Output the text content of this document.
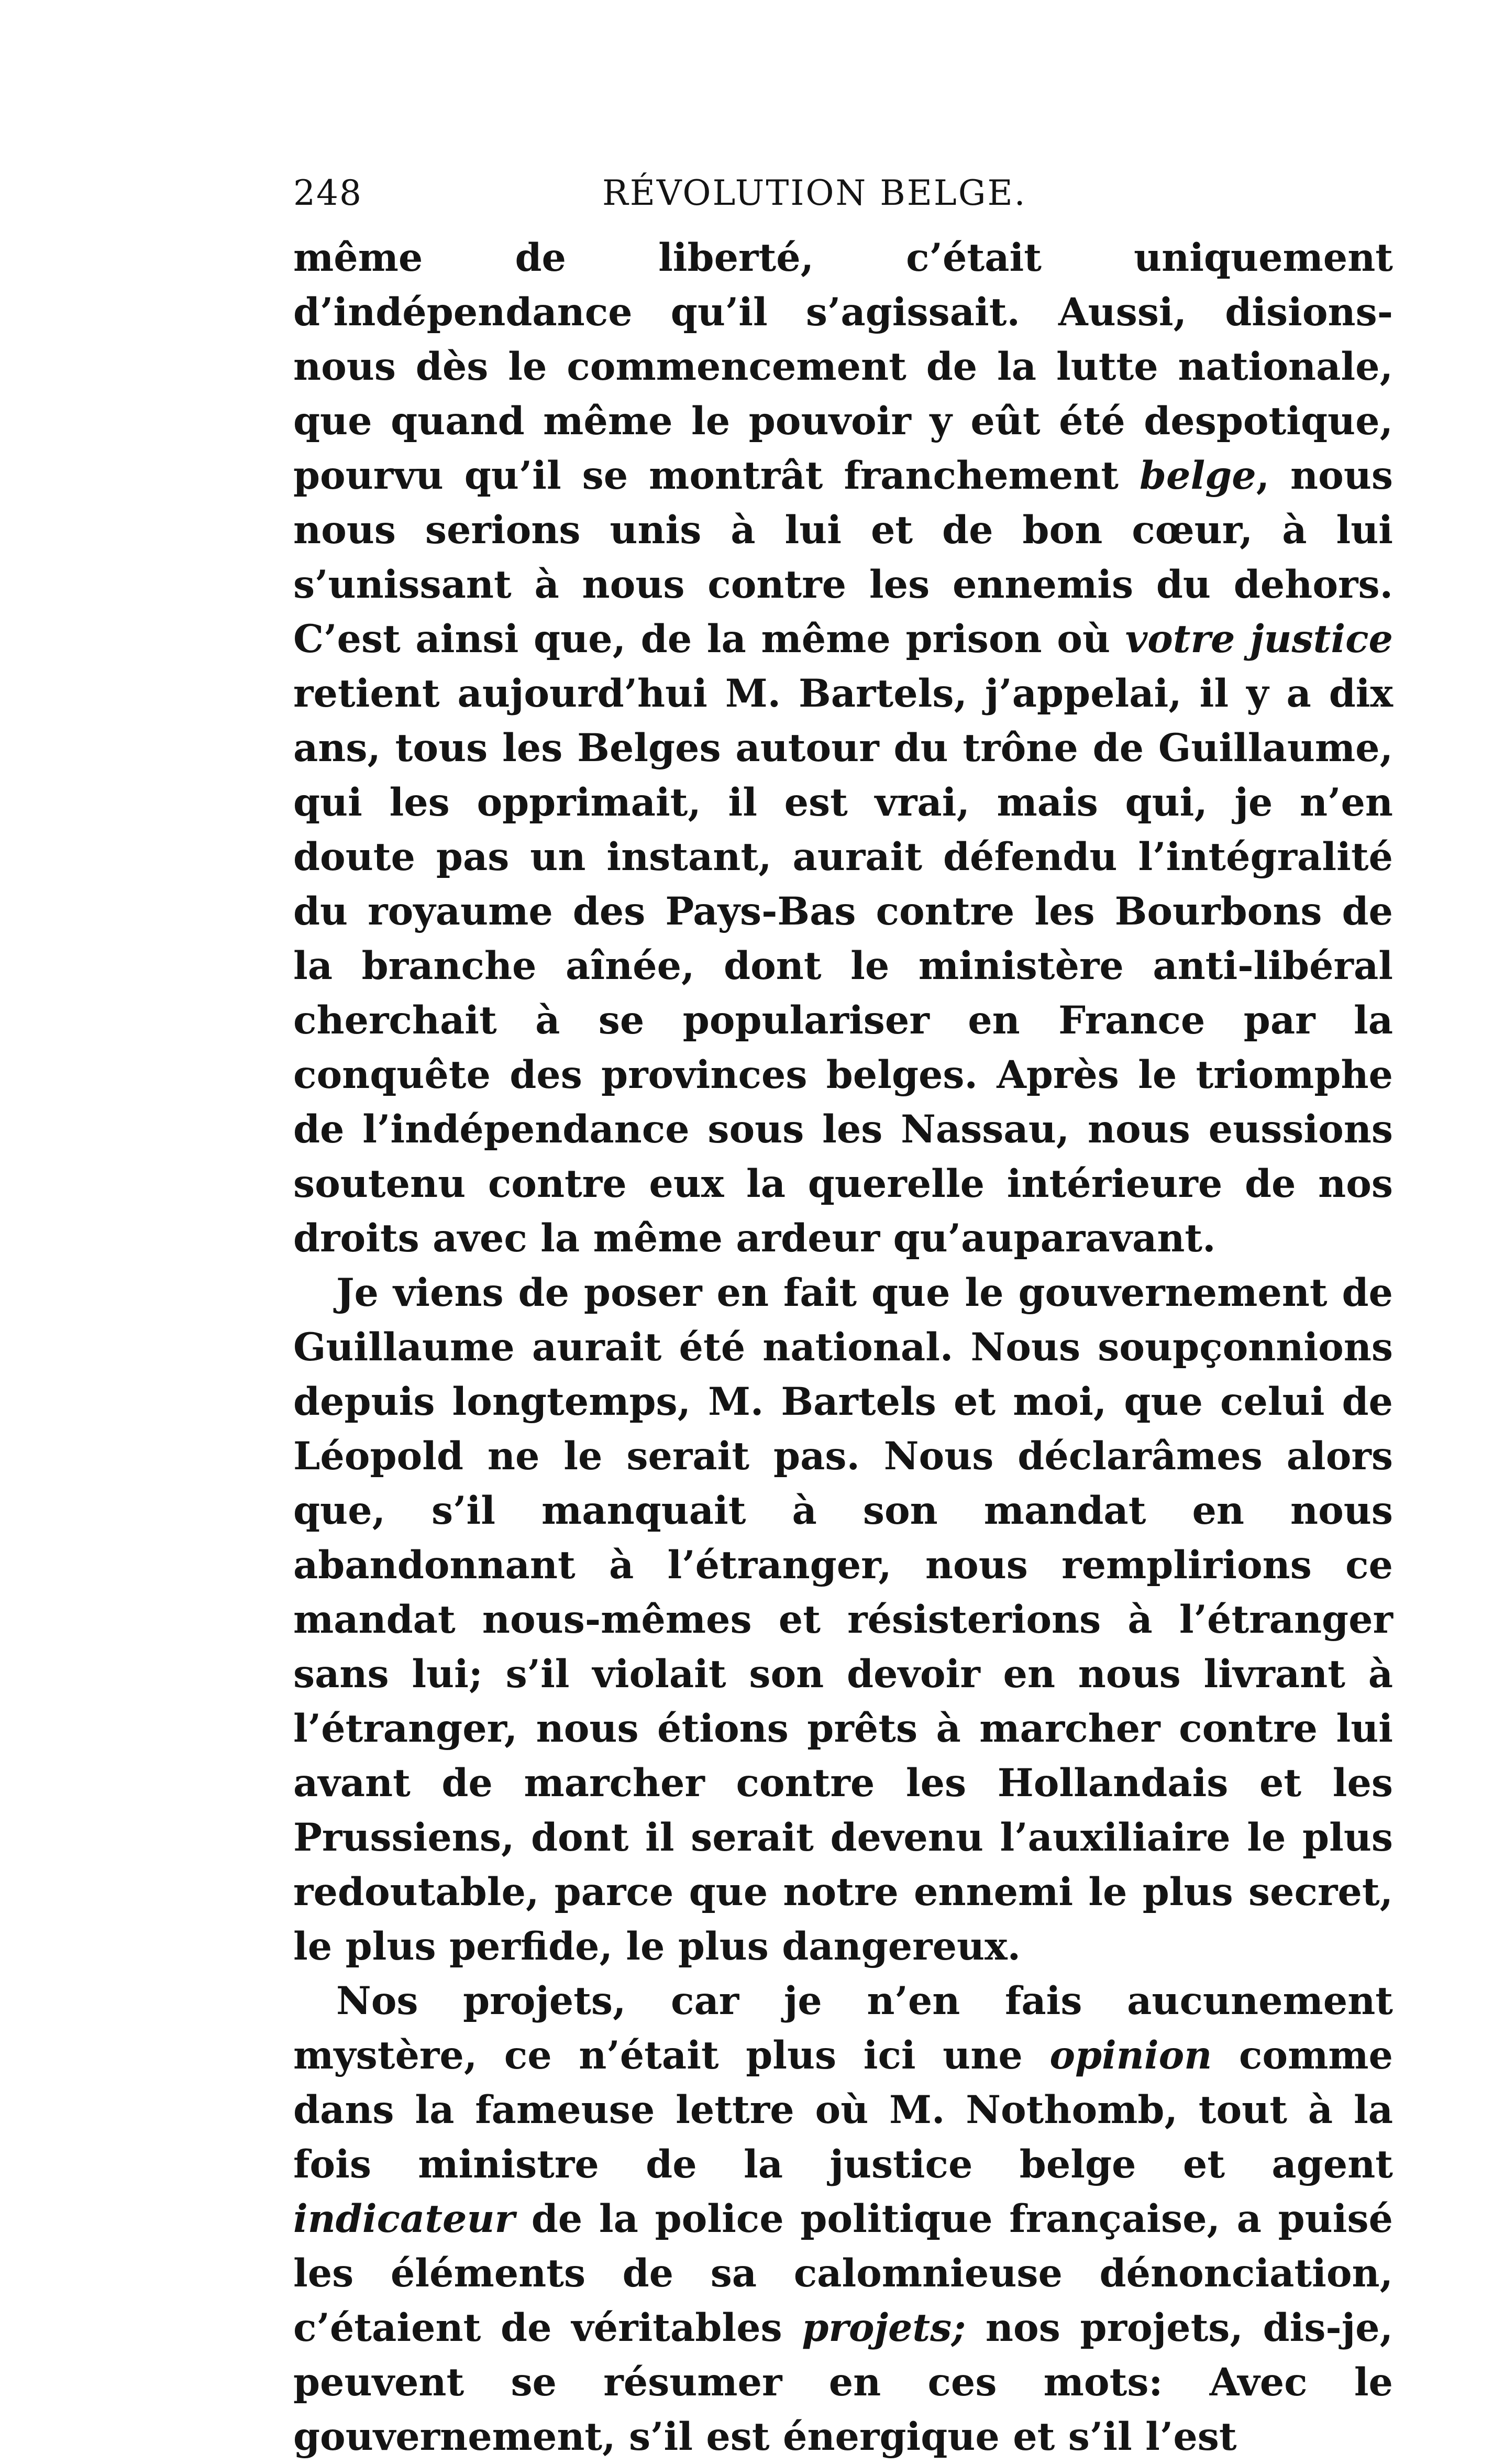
248	RÉVOLUTION BELGE.

même de liberté, c’était uniquement d’indépendance qu’il s’agissait. Aussi, disions-nous dès le commencement de la lutte nationale, que quand même le pouvoir y eût été despotique, pourvu qu’il se montrât franchement belge, nous nous serions unis à lui et de bon cœur, à lui s’unissant à nous contre les ennemis du dehors. C’est ainsi que, de la même prison où votre justice retient aujourd’hui M. Bartels, j’appelai, il y a dix ans, tous les Belges autour du trône de Guillaume, qui les opprimait, il est vrai, mais qui, je n’en doute pas un instant, aurait défendu l’intégralité du royaume des Pays-Bas contre les Bourbons de la branche aînée, dont le ministère anti-libéral cherchait à se populariser en France par la conquête des provinces belges. Après le triomphe de l’indépendance sous les Nassau, nous eussions soutenu contre eux la querelle intérieure de nos droits avec la même ardeur qu’auparavant.

Je viens de poser en fait que le gouvernement de Guillaume aurait été national. Nous soupçonnions depuis longtemps, M. Bartels et moi, que celui de Léopold ne le serait pas. Nous déclarâmes alors que, s’il manquait à son mandat en nous abandonnant à l’étranger, nous remplirions ce mandat nous-mêmes et résisterions à l’étranger sans lui; s’il violait son devoir en nous livrant à l’étranger, nous étions prêts à marcher contre lui avant de marcher contre les Hollandais et les Prussiens, dont il serait devenu l’auxiliaire le plus redoutable, parce que notre ennemi le plus secret, le plus perfide, le plus dangereux.

Nos projets, car je n’en fais aucunement mystère, ce n’était plus ici une opinion comme dans la fameuse lettre où M. Nothomb, tout à la fois ministre de la justice belge et agent indicateur de la police politique française, a puisé les éléments de sa calomnieuse dénonciation, c’étaient de véritables projets; nos projets, dis-je, peuvent se résumer en ces mots: Avec le gouvernement, s’il est énergique et s’il l’est
